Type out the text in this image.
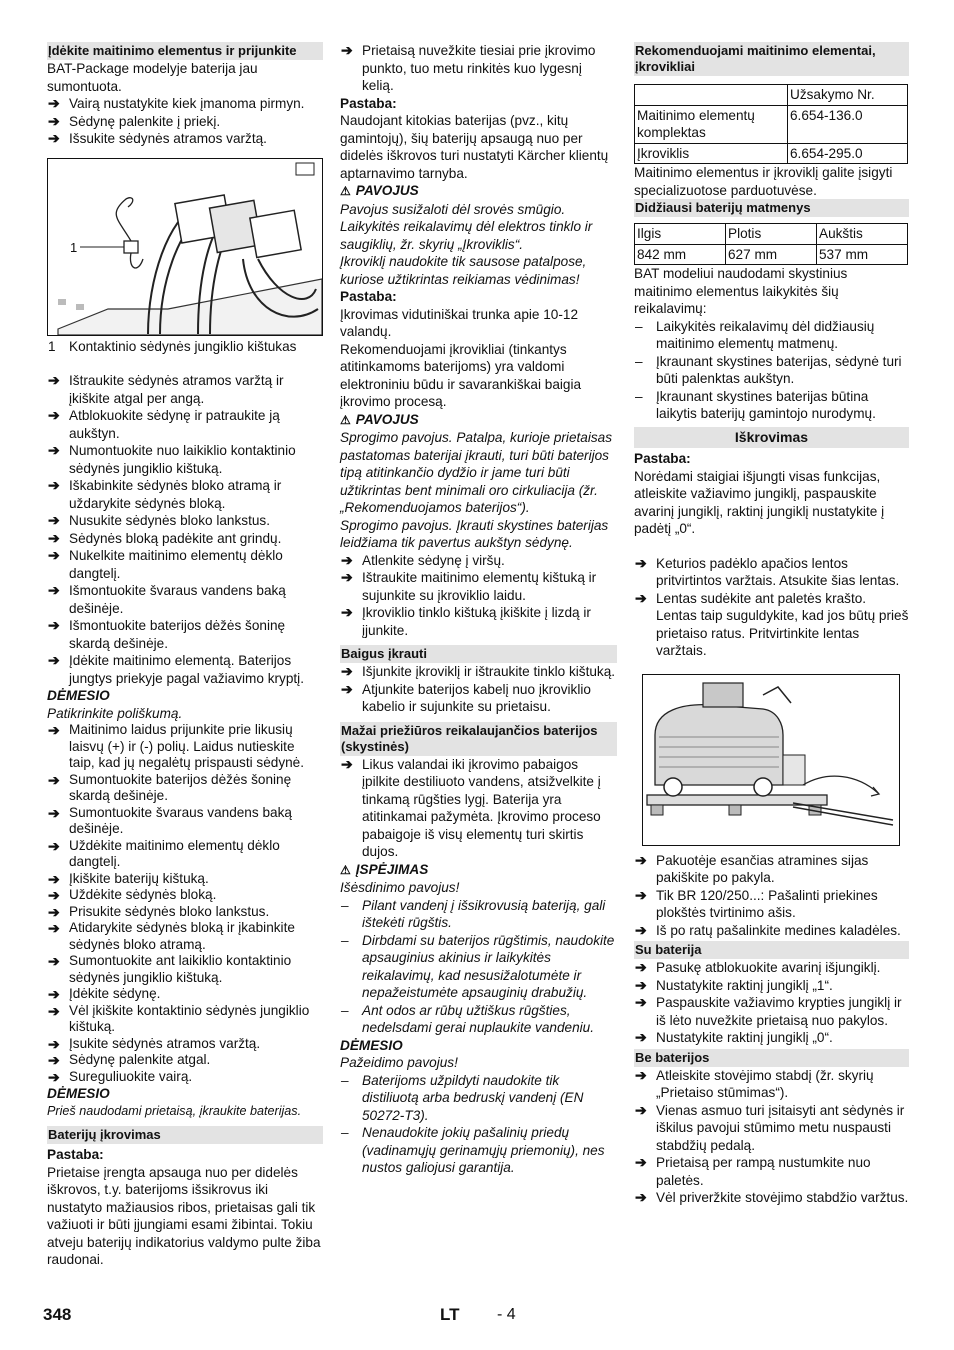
Įdėkite maitinimo elementus ir prijunkite

BAT-Package modelyje baterija jau sumontuota.

➔ Vairą nustatykite kiek įmanoma pirmyn.
➔ Sėdynę palenkite į priekį.
➔ Išsukite sėdynės atramos varžtą.
1
1 Kontaktinio sėdynės jungiklio kištukas
➔ Ištraukite sėdynės atramos varžtą ir įkiškite atgal per angą.
➔ Atblokuokite sėdynę ir patraukite ją aukštyn.
➔ Numontuokite nuo laikiklio kontaktinio sėdynės jungiklio kištuką.
➔ Iškabinkite sėdynės bloko atramą ir uždarykite sėdynės bloką.
➔ Nusukite sėdynės bloko lankstus.
➔ Sėdynės bloką padėkite ant grindų.
➔ Nukelkite maitinimo elementų dėklo dangtelį.
➔ Išmontuokite švaraus vandens baką dešinėje.
➔ Išmontuokite baterijos dėžės šoninę skardą dešinėje.
➔ Įdėkite maitinimo elementą. Baterijos jungtys priekyje pagal važiavimo kryptį.
DĖMESIO

Patikrinkite poliškumą.

➔ Maitinimo laidus prijunkite prie likusių laisvų (+) ir (-) polių. Laidus nutieskite taip, kad jų negalėtų prispausti sėdynė.
➔ Sumontuokite baterijos dėžės šoninę skardą dešinėje.
➔ Sumontuokite švaraus vandens baką dešinėje.
➔ Uždėkite maitinimo elementų dėklo dangtelį.
➔ Įkiškite baterijų kištuką.
➔ Uždėkite sėdynės bloką.
➔ Prisukite sėdynės bloko lankstus.
➔ Atidarykite sėdynės bloką ir įkabinkite sėdynės bloko atramą.
➔ Sumontuokite ant laikiklio kontaktinio sėdynės jungiklio kištuką.
➔ Įdėkite sėdynę.
➔ Vėl įkiškite kontaktinio sėdynės jungiklio kištuką.
➔ Įsukite sėdynės atramos varžtą.
➔ Sėdynę palenkite atgal.
➔ Sureguliuokite vairą.
DĖMESIO

Prieš naudodami prietaisą, įkraukite baterijas.

Baterijų įkrovimas

Pastaba:

Prietaise įrengta apsauga nuo per didelės iškrovos, t.y. baterijoms išsikrovus iki nustatyto mažiausios ribos, prietaisas gali tik važiuoti ir būti įjungiami esami žibintai. Tokiu atveju baterijų indikatorius valdymo pulte žiba raudonai.

➔ Prietaisą nuvežkite tiesiai prie įkrovimo punkto, tuo metu rinkitės kuo lygesnį kelią.

Pastaba:

Naudojant kitokias baterijas (pvz., kitų gamintojų), šių baterijų apsaugą nuo per didelės iškrovos turi nustatyti Kärcher klientų aptarnavimo tarnyba.

⚠ PAVOJUS

Pavojus susižaloti dėl srovės smūgio. Laikykitės reikalavimų dėl elektros tinklo ir saugiklių, žr. skyrių „Įkroviklis“.

Įkroviklį naudokite tik sausose patalpose, kuriose užtikrintas reikiamas vėdinimas!

Pastaba:

Įkrovimas vidutiniškai trunka apie 10-12 valandų.

Rekomenduojami įkrovikliai (tinkantys atitinkamoms baterijoms) yra valdomi elektroniniu būdu ir savarankiškai baigia įkrovimo procesą.

⚠ PAVOJUS

Sprogimo pavojus. Patalpa, kurioje prietaisas pastatomas baterijai įkrauti, turi būti baterijos tipą atitinkančio dydžio ir jame turi būti užtikrintas bent minimali oro cirkuliacija (žr. „Rekomenduojamos baterijos“).

Sprogimo pavojus. Įkrauti skystines baterijas leidžiama tik pavertus aukštyn sėdynę.

➔ Atlenkite sėdynę į viršų.
➔ Ištraukite maitinimo elementų kištuką ir sujunkite su įkroviklio laidu.
➔ Įkroviklio tinklo kištuką įkiškite į lizdą ir įjunkite.
Baigus įkrauti
➔ Išjunkite įkroviklį ir ištraukite tinklo kištuką.
➔ Atjunkite baterijos kabelį nuo įkroviklio kabelio ir sujunkite su prietaisu.
Mažai priežiūros reikalaujančios baterijos (skystinės)
➔ Likus valandai iki įkrovimo pabaigos įpilkite destiliuoto vandens, atsižvelkite į tinkamą rūgšties lygį. Baterija yra atitinkamai pažymėta. Įkrovimo proceso pabaigoje iš visų elementų turi skirtis dujos.
⚠ ĮSPĖJIMAS

Išėsdinimo pavojus!

– Pilant vandenį į išsikrovusią bateriją, gali ištekėti rūgštis.
– Dirbdami su baterijos rūgštimis, naudokite apsauginius akinius ir laikykitės reikalavimų, kad nesusižalotumėte ir nepažeistumėte apsauginių drabužių.
– Ant odos ar rūbų užtiškus rūgšties, nedelsdami gerai nuplaukite vandeniu.
DĖMESIO

Pažeidimo pavojus!

– Baterijoms užpildyti naudokite tik distiliuotą arba bedruskį vandenį (EN 50272-T3).
– Nenaudokite jokių pašalinių priedų (vadinamųjų gerinamųjų priemonių), nes nustos galiojusi garantija.
Rekomenduojami maitinimo elementai, įkrovikliai
	Užsakymo Nr.
Maitinimo elementų komplektas	6.654-136.0
Įkroviklis	6.654-295.0

Maitinimo elementus ir įkroviklį galite įsigyti specializuotose parduotuvėse.

Didžiausi baterijų matmenys
Ilgis	Plotis	Aukštis
842 mm	627 mm	537 mm

BAT modeliui naudodami skystinius maitinimo elementus laikykitės šių reikalavimų:

– Laikykitės reikalavimų dėl didžiausių maitinimo elementų matmenų.
– Įkraunant skystines baterijas, sėdynė turi būti palenktas aukštyn.
– Įkraunant skystines baterijas būtina laikytis baterijų gamintojo nurodymų.
Iškrovimas

Pastaba:

Norėdami staigiai išjungti visas funkcijas, atleiskite važiavimo jungiklį, paspauskite avarinį jungiklį, raktinį jungiklį nustatykite į padėtį „0“.

➔ Keturios padėklo apačios lentos pritvirtintos varžtais. Atsukite šias lentas.
➔ Lentas sudėkite ant paletės krašto. Lentas taip suguldykite, kad jos būtų prieš prietaiso ratus. Pritvirtinkite lentas varžtais.
➔ Pakuotėje esančias atramines sijas pakiškite po pakyla.
➔ Tik BR 120/250...: Pašalinti priekines plokštės tvirtinimo ašis.
➔ Iš po ratų pašalinkite medines kaladėles.
Su baterija
➔ Pasukę atblokuokite avarinį išjungiklį.
➔ Nustatykite raktinį jungiklį „1“.
➔ Paspauskite važiavimo krypties jungiklį ir iš lėto nuvežkite prietaisą nuo pakylos.
➔ Nustatykite raktinį jungiklį „0“.
Be baterijos
➔ Atleiskite stovėjimo stabdį (žr. skyrių „Prietaiso stūmimas“).
➔ Vienas asmuo turi įsitaisyti ant sėdynės ir iškilus pavojui stūmimo metu nuspausti stabdžių pedalą.
➔ Prietaisą per rampą nustumkite nuo paletės.
➔ Vėl priveržkite stovėjimo stabdžio varžtus.
348	LT - 4
